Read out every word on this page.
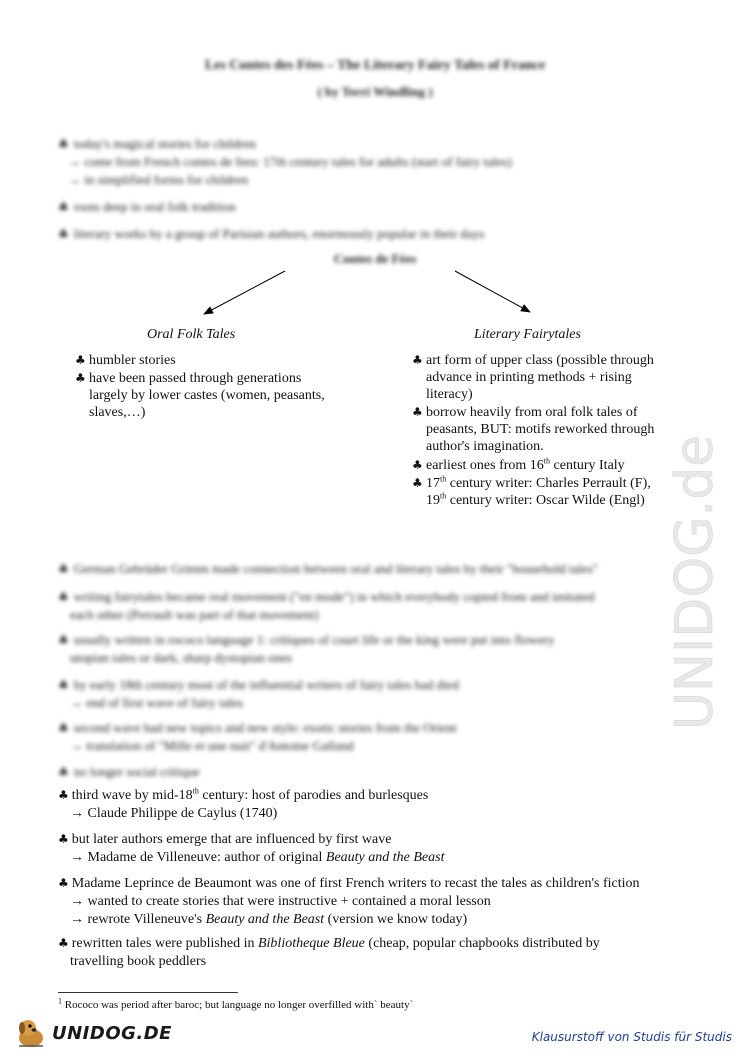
Les Contes des Fées – The Literary Fairy Tales of France
( by Terri Windling )
♣ today's magical stories for children
→ come from French contes de fees: 17th century tales for adults (start of fairy tales)
→ in simplified forms for children
♣ roots deep in oral folk tradition
♣ literary works by a group of Parisian authors, enormously popular in their days
Contes de Fées
Oral Folk Tales	Literary Fairytales
♣ humbler stories
♣ have been passed through generations
largely by lower castes (women, peasants,
slaves,…)
♣ art form of upper class (possible through
advance in printing methods + rising
literacy)
♣ borrow heavily from oral folk tales of
peasants, BUT: motifs reworked through
author's imagination.
♣ earliest ones from 16th century Italy
♣ 17th century writer: Charles Perrault (F),
19th century writer: Oscar Wilde (Engl)
♣ German Gebrüder Grimm made connection between oral and literary tales by their "household tales"
♣ writing fairytales became real movement ("en mode") in which everybody copied from and imitated
each other (Perrault was part of that movement)
♣ usually written in rococo language 1: critiques of court life or the king were put into flowery
utopian tales or dark, sharp dystopian ones
♣ by early 18th century most of the influential writers of fairy tales had died
→ end of first wave of fairy tales
♣ second wave had new topics and new style: exotic stories from the Orient
→ translation of "Mille et une nuit" d'Antoine Galland
♣ no longer social critique
♣ third wave by mid-18th century: host of parodies and burlesques
→ Claude Philippe de Caylus (1740)
♣ but later authors emerge that are influenced by first wave
→ Madame de Villeneuve: author of original Beauty and the Beast
♣ Madame Leprince de Beaumont was one of first French writers to recast the tales as children's fiction
→ wanted to create stories that were instructive + contained a moral lesson
→ rewrote Villeneuve's Beauty and the Beast (version we know today)
♣ rewritten tales were published in Bibliotheque Bleue (cheap, popular chapbooks distributed by
travelling book peddlers
$^1$ Rococo was period after baroc; but language no longer overfilled with` beauty`
UNIDOG.de
UNIDOG.DE	Klausurstoff von Studis für Studis
